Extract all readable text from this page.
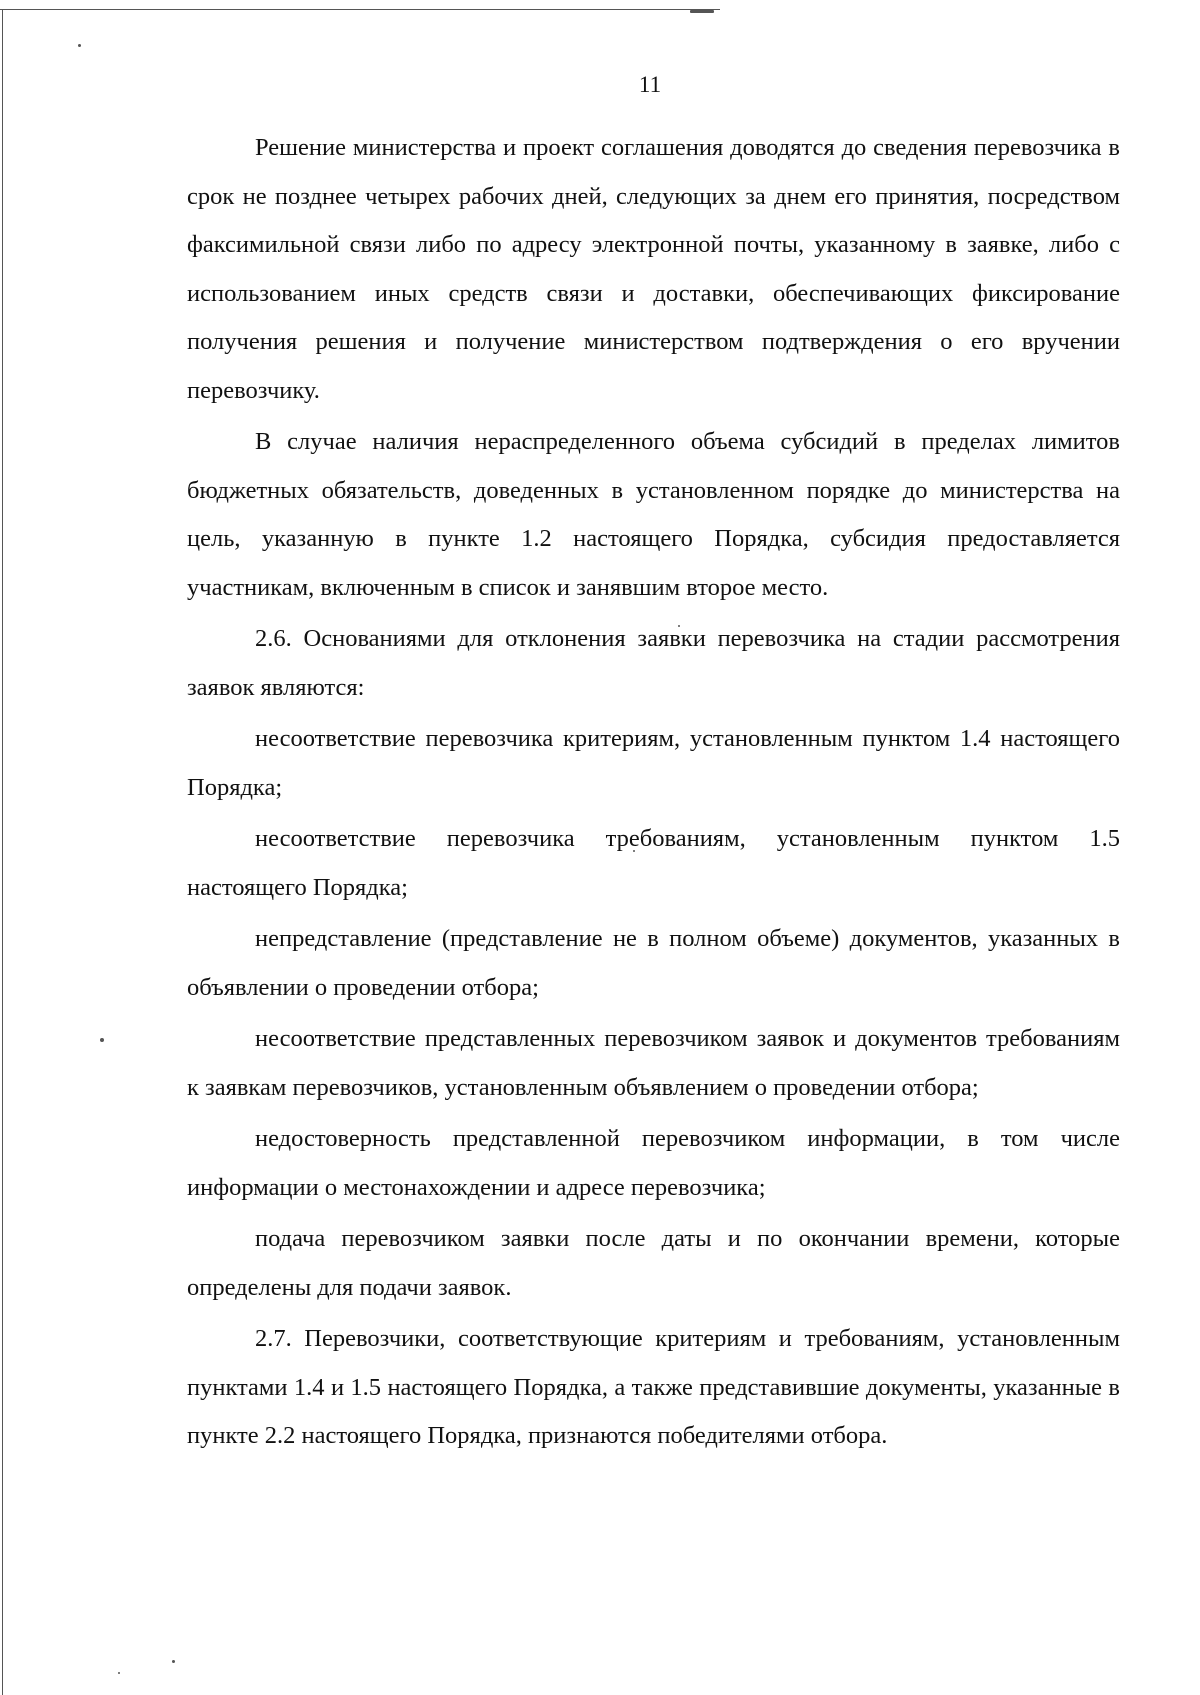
11

Решение министерства и проект соглашения доводятся до сведения перевозчика в срок не позднее четырех рабочих дней, следующих за днем его принятия, посредством факсимильной связи либо по адресу электронной почты, указанному в заявке, либо с использованием иных средств связи и доставки, обеспечивающих фиксирование получения решения и получение министерством подтверждения о его вручении перевозчику.

В случае наличия нераспределенного объема субсидий в пределах лимитов бюджетных обязательств, доведенных в установленном порядке до министерства на цель, указанную в пункте 1.2 настоящего Порядка, субсидия предоставляется участникам, включенным в список и занявшим второе место.

2.6. Основаниями для отклонения заявки перевозчика на стадии рассмотрения заявок являются:

несоответствие перевозчика критериям, установленным пунктом 1.4 настоящего Порядка;

несоответствие перевозчика требованиям, установленным пунктом 1.5 настоящего Порядка;

непредставление (представление не в полном объеме) документов, указанных в объявлении о проведении отбора;

несоответствие представленных перевозчиком заявок и документов требованиям к заявкам перевозчиков, установленным объявлением о проведении отбора;

недостоверность представленной перевозчиком информации, в том числе информации о местонахождении и адресе перевозчика;

подача перевозчиком заявки после даты и по окончании времени, которые определены для подачи заявок.

2.7. Перевозчики, соответствующие критериям и требованиям, установленным пунктами 1.4 и 1.5 настоящего Порядка, а также представившие документы, указанные в пункте 2.2 настоящего Порядка, признаются победителями отбора.
